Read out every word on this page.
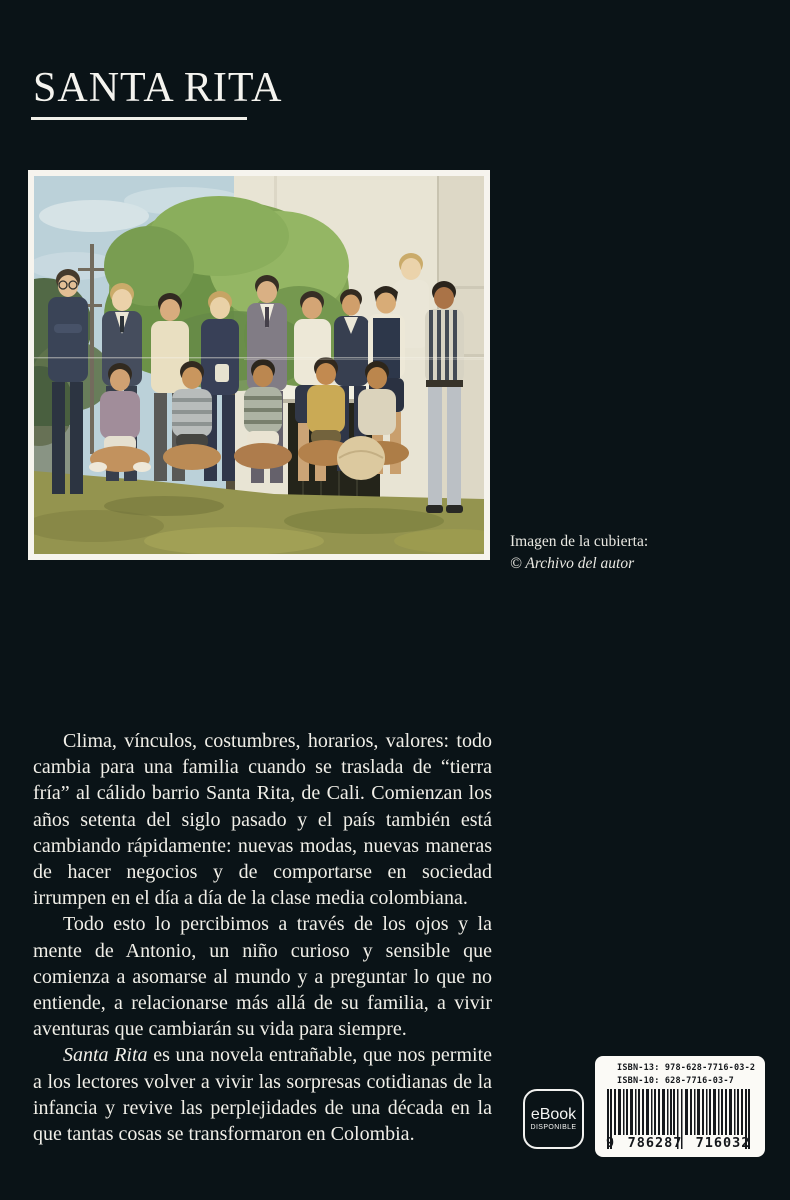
SANTA RITA
Imagen de la cubierta:
© Archivo del autor

Clima, vínculos, costumbres, horarios, valores: todo cambia para una familia cuando se traslada de “tierra fría” al cálido barrio Santa Rita, de Cali. Comienzan los años setenta del siglo pasado y el país también está cambiando rápidamente: nuevas modas, nuevas maneras de hacer negocios y de comportarse en sociedad irrumpen en el día a día de la clase media colombiana.

Todo esto lo percibimos a través de los ojos y la mente de Antonio, un niño curioso y sensible que comienza a asomarse al mundo y a preguntar lo que no entiende, a relacionarse más allá de su familia, a vivir aventuras que cambiarán su vida para siempre.

Santa Rita es una novela entrañable, que nos permite a los lectores volver a vivir las sorpresas cotidianas de la infancia y revive las perplejidades de una década en la que tantas cosas se transformaron en Colombia.

eBook
DISPONIBLE
ISBN-13: 978-628-7716-03-2
ISBN-10: 628-7716-03-7
9 786287 716032
